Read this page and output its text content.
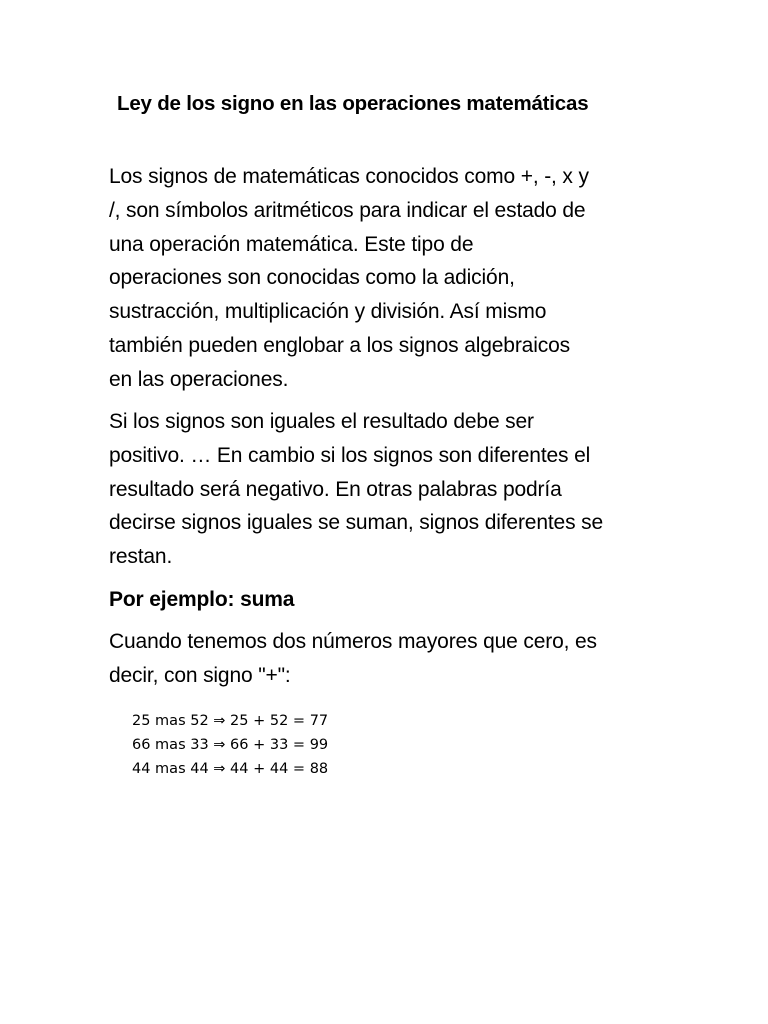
Ley de los signo en las operaciones matemáticas
Los signos de matemáticas conocidos como +, -, x y
/, son símbolos aritméticos para indicar el estado de
una operación matemática. Este tipo de
operaciones son conocidas como la adición,
sustracción, multiplicación y división. Así mismo
también pueden englobar a los signos algebraicos
en las operaciones.
Si los signos son iguales el resultado debe ser
positivo. … En cambio si los signos son diferentes el
resultado será negativo. En otras palabras podría
decirse signos iguales se suman, signos diferentes se
restan.
Por ejemplo: suma
Cuando tenemos dos números mayores que cero, es
decir, con signo "+":
25 mas 52 ⇒ 25 + 52 = 77
66 mas 33 ⇒ 66 + 33 = 99
44 mas 44 ⇒ 44 + 44 = 88
